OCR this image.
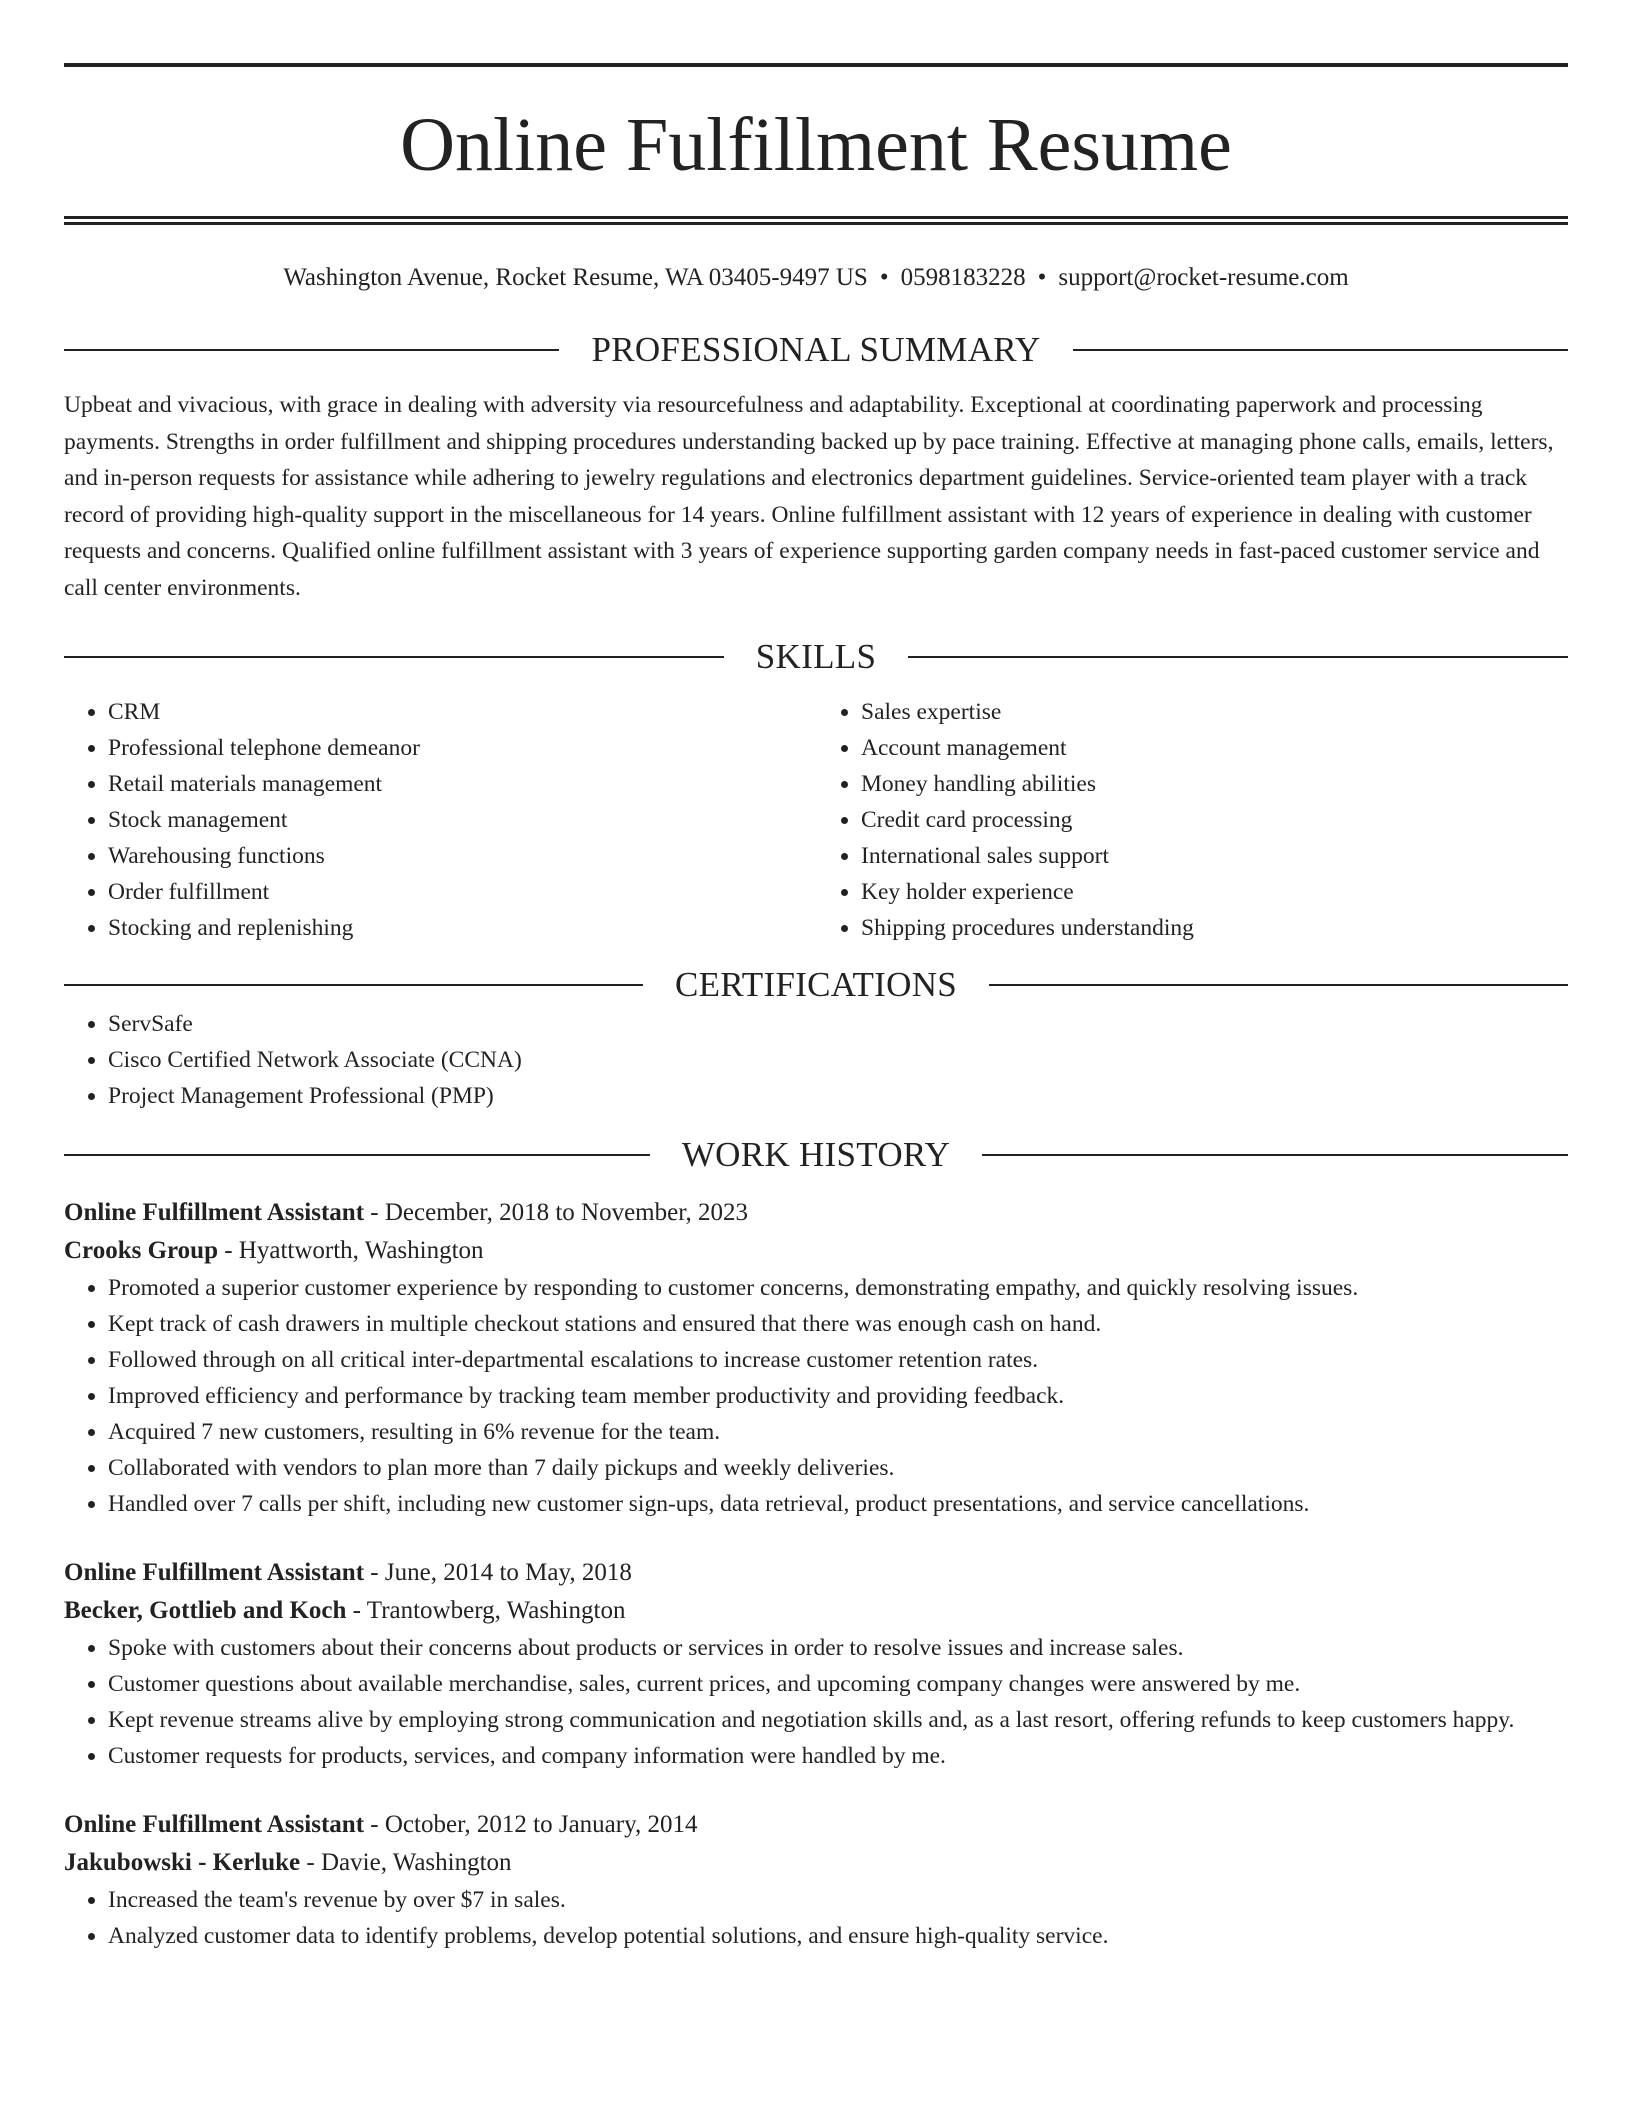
Online Fulfillment Resume
Washington Avenue, Rocket Resume, WA 03405-9497 US • 0598183228 • support@rocket-resume.com
PROFESSIONAL SUMMARY
Upbeat and vivacious, with grace in dealing with adversity via resourcefulness and adaptability. Exceptional at coordinating paperwork and processing payments. Strengths in order fulfillment and shipping procedures understanding backed up by pace training. Effective at managing phone calls, emails, letters, and in-person requests for assistance while adhering to jewelry regulations and electronics department guidelines. Service-oriented team player with a track record of providing high-quality support in the miscellaneous for 14 years. Online fulfillment assistant with 12 years of experience in dealing with customer requests and concerns. Qualified online fulfillment assistant with 3 years of experience supporting garden company needs in fast-paced customer service and call center environments.
SKILLS
• CRM
• Professional telephone demeanor
• Retail materials management
• Stock management
• Warehousing functions
• Order fulfillment
• Stocking and replenishing
• Sales expertise
• Account management
• Money handling abilities
• Credit card processing
• International sales support
• Key holder experience
• Shipping procedures understanding
CERTIFICATIONS
• ServSafe
• Cisco Certified Network Associate (CCNA)
• Project Management Professional (PMP)
WORK HISTORY
Online Fulfillment Assistant - December, 2018 to November, 2023
Crooks Group - Hyattworth, Washington
• Promoted a superior customer experience by responding to customer concerns, demonstrating empathy, and quickly resolving issues.
• Kept track of cash drawers in multiple checkout stations and ensured that there was enough cash on hand.
• Followed through on all critical inter-departmental escalations to increase customer retention rates.
• Improved efficiency and performance by tracking team member productivity and providing feedback.
• Acquired 7 new customers, resulting in 6% revenue for the team.
• Collaborated with vendors to plan more than 7 daily pickups and weekly deliveries.
• Handled over 7 calls per shift, including new customer sign-ups, data retrieval, product presentations, and service cancellations.
Online Fulfillment Assistant - June, 2014 to May, 2018
Becker, Gottlieb and Koch - Trantowberg, Washington
• Spoke with customers about their concerns about products or services in order to resolve issues and increase sales.
• Customer questions about available merchandise, sales, current prices, and upcoming company changes were answered by me.
• Kept revenue streams alive by employing strong communication and negotiation skills and, as a last resort, offering refunds to keep customers happy.
• Customer requests for products, services, and company information were handled by me.
Online Fulfillment Assistant - October, 2012 to January, 2014
Jakubowski - Kerluke - Davie, Washington
• Increased the team's revenue by over $7 in sales.
• Analyzed customer data to identify problems, develop potential solutions, and ensure high-quality service.
